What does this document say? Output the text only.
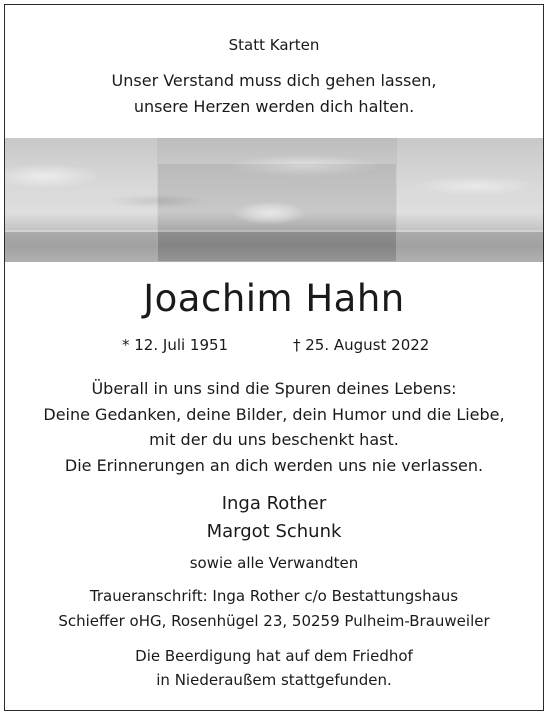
Statt Karten
Unser Verstand muss dich gehen lassen,
unsere Herzen werden dich halten.
Joachim Hahn
* 12. Juli 1951	† 25. August 2022
Überall in uns sind die Spuren deines Lebens:
Deine Gedanken, deine Bilder, dein Humor und die Liebe,
mit der du uns beschenkt hast.
Die Erinnerungen an dich werden uns nie verlassen.
Inga Rother
Margot Schunk
sowie alle Verwandten
Traueranschrift: Inga Rother c/o Bestattungshaus
Schieffer oHG, Rosenhügel 23, 50259 Pulheim-Brauweiler
Die Beerdigung hat auf dem Friedhof
in Niederaußem stattgefunden.
